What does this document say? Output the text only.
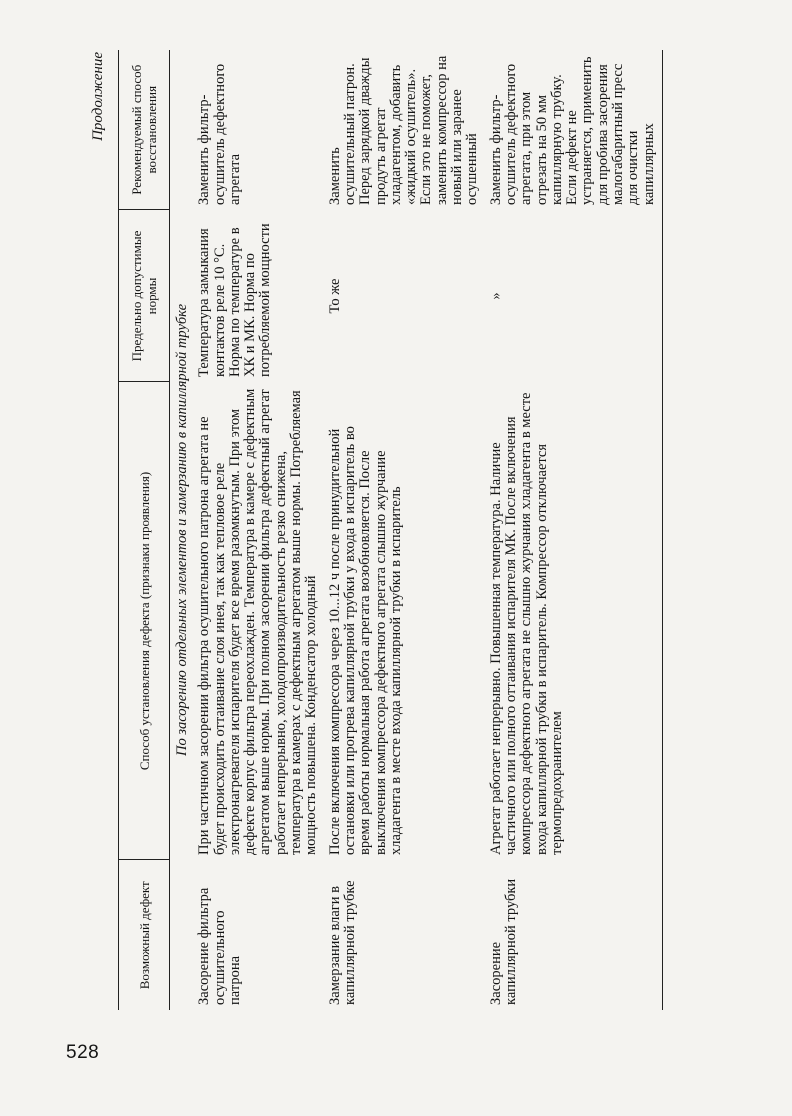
528
Продолжение
Возможный дефект	Способ установления дефекта (признаки проявления)	Предельно допустимые нормы	Рекомендуемый способ восстановления
По засорению отдельных элементов и замерзанию в капиллярной трубке			
Засорение фильтра осушительного патрона	При частичном засорении фильтра осушительного патрона агрегата не будет происходить оттаивание слоя инея, так как тепловое реле электронагревателя испарителя будет все время разомкнутым. При этом дефекте корпус фильтра переохлажден. Температура в камере с дефектным агрегатом выше нормы. При полном засорении фильтра дефектный агрегат работает непрерывно, холодопроизводительность резко снижена, температура в камерах с дефектным агрегатом выше нормы. Потребляемая мощность повышена. Конденсатор холодный	Температура замыкания контактов реле 10 °С. Норма по температуре в ХК и МК. Норма по потребляемой мощности	Заменить фильтр-осушитель дефектного агрегата
Замерзание влаги в капиллярной трубке	После включения компрессора через 10...12 ч после принудительной остановки или прогрева капиллярной трубки у входа в испаритель во время работы нормальная работа агрегата возобновляется. После выключения компрессора дефектного агрегата слышно журчание хладагента в месте входа капиллярной трубки в испаритель	То же	Заменить осушительный патрон. Перед зарядкой дважды продуть агрегат хладагентом, добавить «жидкий осушитель». Если это не поможет, заменить компрессор на новый или заранее осушенный
Засорение капиллярной трубки	Агрегат работает непрерывно. Повышенная температура. Наличие частичного или полного оттаивания испарителя МК. После включения компрессора дефектного агрегата не слышно журчания хладагента в месте входа капиллярной трубки в испаритель. Компрессор отключается термопредохранителем	»	Заменить фильтр-осушитель дефектного агрегата, при этом отрезать на 50 мм капиллярную трубку. Если дефект не устраняется, применить для пробива засорения малогабаритный пресс для очистки капиллярных
